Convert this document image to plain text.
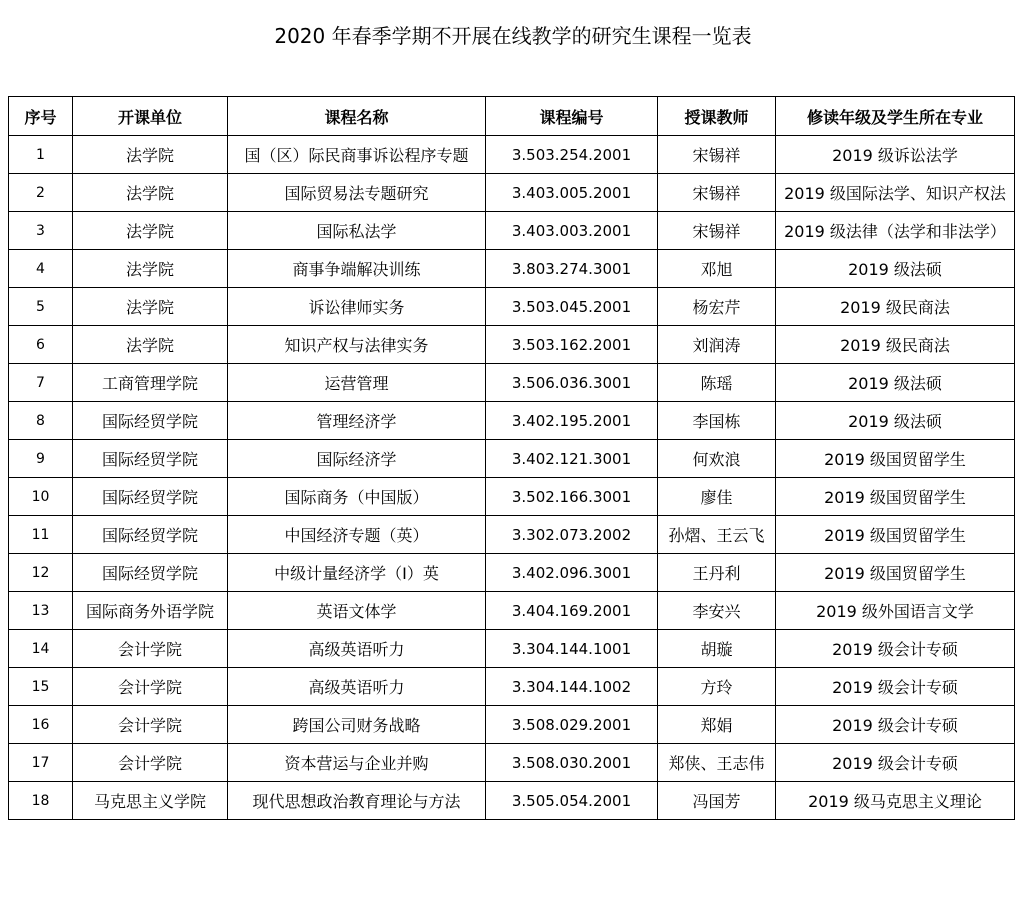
2020 年春季学期不开展在线教学的研究生课程一览表
序号	开课单位	课程名称	课程编号	授课教师	修读年级及学生所在专业
1	法学院	国（区）际民商事诉讼程序专题	3.503.254.2001	宋锡祥	2019 级诉讼法学
2	法学院	国际贸易法专题研究	3.403.005.2001	宋锡祥	2019 级国际法学、知识产权法
3	法学院	国际私法学	3.403.003.2001	宋锡祥	2019 级法律（法学和非法学）
4	法学院	商事争端解决训练	3.803.274.3001	邓旭	2019 级法硕
5	法学院	诉讼律师实务	3.503.045.2001	杨宏芹	2019 级民商法
6	法学院	知识产权与法律实务	3.503.162.2001	刘润涛	2019 级民商法
7	工商管理学院	运营管理	3.506.036.3001	陈瑶	2019 级法硕
8	国际经贸学院	管理经济学	3.402.195.2001	李国栋	2019 级法硕
9	国际经贸学院	国际经济学	3.402.121.3001	何欢浪	2019 级国贸留学生
10	国际经贸学院	国际商务（中国版）	3.502.166.3001	廖佳	2019 级国贸留学生
11	国际经贸学院	中国经济专题（英）	3.302.073.2002	孙熠、王云飞	2019 级国贸留学生
12	国际经贸学院	中级计量经济学（I）英	3.402.096.3001	王丹利	2019 级国贸留学生
13	国际商务外语学院	英语文体学	3.404.169.2001	李安兴	2019 级外国语言文学
14	会计学院	高级英语听力	3.304.144.1001	胡璇	2019 级会计专硕
15	会计学院	高级英语听力	3.304.144.1002	方玲	2019 级会计专硕
16	会计学院	跨国公司财务战略	3.508.029.2001	郑娟	2019 级会计专硕
17	会计学院	资本营运与企业并购	3.508.030.2001	郑侠、王志伟	2019 级会计专硕
18	马克思主义学院	现代思想政治教育理论与方法	3.505.054.2001	冯国芳	2019 级马克思主义理论
